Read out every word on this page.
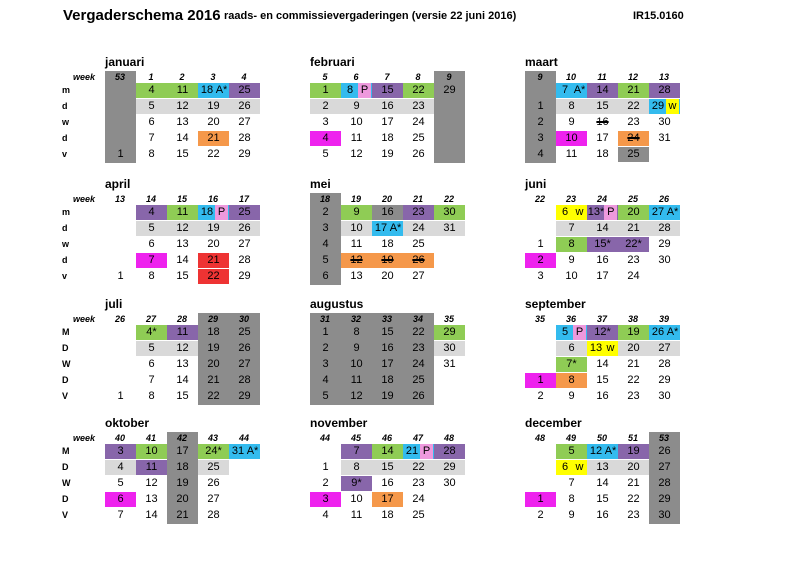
Vergaderschema 2016 raads- en commissievergaderingen (versie 22 juni 2016)	IR15.0160
januari
week
m
d
w
d
v
53
1
1
4
5
6
7
8
2
11
12
13
14
15
3
18 A*
19
20
21
22
4
25
26
27
28
29
februari
5
1
2
3
4
5
6
8 P
9
10
11
12
7
15
16
17
18
19
8
22
23
24
25
26
9
29
maart
9
1
2
3
4
10
7 A*
8
9
10
11
11
14
15
16
17
18
12
21
22
23
24
25
13
28
29 w
30
31
april
week
m
d
w
d
v
13
1
14
4
5
6
7
8
15
11
12
13
14
15
16
18 P
19
20
21
22
17
25
26
27
28
29
mei
18
2
3
4
5
6
19
9
10
11
12
13
20
16
17 A*
18
19
20
21
23
24
25
26
27
22
30
31
juni
22
1
2
3
23
6 w
7
8
9
10
24
13* P
14
15*
16
17
25
20
21
22*
23
24
26
27 A*
28
29
30
juli
week
M
D
W
D
V
26
1
27
4*
5
6
7
8
28
11
12
13
14
15
29
18
19
20
21
22
30
25
26
27
28
29
augustus
31
1
2
3
4
5
32
8
9
10
11
12
33
15
16
17
18
19
34
22
23
24
25
26
35
29
30
31
september
35
1
2
36
5 P
6
7*
8
9
37
12*
13 w
14
15
16
38
19
20
21
22
23
39
26 A*
27
28
29
30
oktober
week
M
D
W
D
V
40
3
4
5
6
7
41
10
11
12
13
14
42
17
18
19
20
21
43
24*
25
26
27
28
44
31 A*
november
44
1
2
3
4
45
7
8
9*
10
11
46
14
15
16
17
18
47
21 P
22
23
24
25
48
28
29
30
december
48
1
2
49
5
6 w
7
8
9
50
12 A*
13
14
15
16
51
19
20
21
22
23
53
26
27
28
29
30
